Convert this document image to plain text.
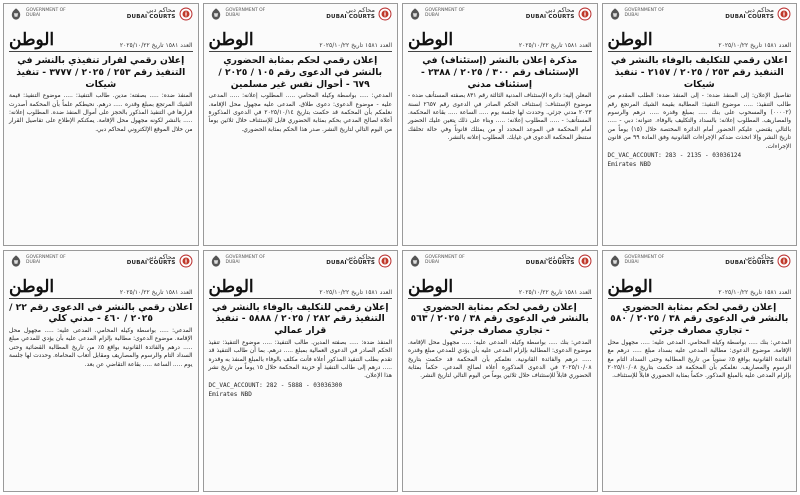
محاكم دبي
DUBAI COURTS
GOVERNMENT OF DUBAI
العدد ١٥٨١ تاريخ ٢٠٢٥/١٠/٢٢
الوطن
اعلان رقمي للتكليف بالوفاء بالنشر في التنفيذ رقم ٢٥٣ / ٢٠٢٥ / ٢١٥٧ - تنفيذ شيكات
تفاصيل الإعلان: إلى المنفذ ضده: - إلى المنفذ ضده: الطلب المقدم من طالب التنفيذ: ..... موضوع التنفيذ: المطالبة بقيمة الشيك المرتجع رقم (٠٠٠٠٢) والمسحوب على بنك ..... بمبلغ وقدره ..... درهم والرسوم والمصاريف. المطلوب إعلانه: بالسداد والتكليف بالوفاء. عنوانه: دبي - ..... بالتالي يقتضي عليكم الحضور أمام الدائرة المختصة خلال (١٥) يوماً من تاريخ النشر وإلا اتخذت ضدكم الإجراءات القانونية وفق المادة ٩٩ من قانون الإجراءات.
DC_VAC_ACCOUNT: 283 - 2135 - 03036124
Emirates NBD
محاكم دبي
DUBAI COURTS
GOVERNMENT OF DUBAI
العدد ١٥٨١ تاريخ ٢٠٢٥/١٠/٢٢
الوطن
مذكرة إعلان بالنشر (إستئناف) في الإستئناف رقم ٣٠٠ / ٢٠٢٥ / ٢٣٨٨ - إستئناف مدني
المعلن إليه: دائرة الإستئناف المدنية الثالثة رقم ٨٣١ بصفته المستأنف ضده - موضوع الإستئناف: إستئناف الحكم الصادر في الدعوى رقم ٢٦٥٧ لسنة ٢٠٢٣ مدني جزئي. وحددت لها جلسة يوم ..... الساعة ..... بقاعة المحكمة. المستأنف: - ..... المطلوب إعلانه: ..... وبناء على ذلك يتعين عليك الحضور أمام المحكمة في الموعد المحدد أو من يمثلك قانوناً وفي حالة تخلفك ستنظر المحكمة الدعوى في غيابك. المطلوب إعلانه بالنشر.
محاكم دبي
DUBAI COURTS
GOVERNMENT OF DUBAI
العدد ١٥٨١ تاريخ ٢٠٢٥/١٠/٢٢
الوطن
إعلان رقمي لحكم بمثابة الحضوري بالنشر في الدعوى رقم ١٠٥ / ٢٠٢٥ / ٦٧٩ - أحوال نفس غير مسلمين
المدعي: ..... بواسطة وكيله المحامي ..... المطلوب إعلانه: ..... المدعى عليه - موضوع الدعوى: دعوى طلاق. المدعى عليه مجهول محل الإقامة. نعلمكم بأن المحكمة قد حكمت بتاريخ ٢٠٢٥/١٠/١٤ في الدعوى المذكورة أعلاه لصالح المدعي بحكم بمثابة الحضوري قابل للإستئناف خلال ثلاثين يوماً من اليوم التالي لتاريخ النشر. صدر هذا الحكم بمثابة الحضوري.
محاكم دبي
DUBAI COURTS
GOVERNMENT OF DUBAI
العدد ١٥٨١ تاريخ ٢٠٢٥/١٠/٢٢
الوطن
إعلان رقمي لقرار تنفيذي بالنشر في التنفيذ رقم ٢٥٣ / ٢٠٢٥ / ٣٧٧٧ - تنفيذ شيكات
المنفذ ضده: ..... بصفته: مدين. طالب التنفيذ: ..... موضوع التنفيذ: قيمة الشيك المرتجع بمبلغ وقدره ..... درهم. نحيطكم علماً بأن المحكمة أصدرت قرارها في التنفيذ المذكور بالحجز على أموال المنفذ ضده. المطلوب إعلانه: ..... بالنشر لكونه مجهول محل الإقامة. يمكنكم الإطلاع على تفاصيل القرار من خلال الموقع الإلكتروني لمحاكم دبي.
محاكم دبي
DUBAI COURTS
GOVERNMENT OF DUBAI
العدد ١٥٨١ تاريخ ٢٠٢٥/١٠/٢٢
الوطن
إعلان رقمي لحكم بمثابة الحضوري بالنشر في الدعوى رقم ٣٨ / ٢٠٢٥ / ٥٨٠ - تجاري مصارف جزئي
المدعي: بنك ..... بواسطة وكيله المحامي. المدعى عليه: ..... مجهول محل الإقامة. موضوع الدعوى: مطالبة المدعى عليه بسداد مبلغ ..... درهم مع الفائدة القانونية بواقع ٥٪ سنوياً من تاريخ المطالبة وحتى السداد التام مع الرسوم والمصاريف. نعلمكم بأن المحكمة قد حكمت بتاريخ ٢٠٢٥/١٠/٠٨ بإلزام المدعى عليه بالمبلغ المذكور. حكماً بمثابة الحضوري قابلاً للإستئناف.
محاكم دبي
DUBAI COURTS
GOVERNMENT OF DUBAI
العدد ١٥٨١ تاريخ ٢٠٢٥/١٠/٢٢
الوطن
إعلان رقمي لحكم بمثابة الحضوري بالنشر في الدعوى رقم ٣٨ / ٢٠٢٥ / ٥٦٣ - تجاري مصارف جزئي
المدعي: بنك ..... بواسطة وكيله. المدعى عليه: ..... مجهول محل الإقامة. موضوع الدعوى: المطالبة بإلزام المدعى عليه بأن يؤدي للمدعي مبلغ وقدره ..... درهم والفائدة القانونية. نعلمكم بأن المحكمة قد حكمت بتاريخ ٢٠٢٥/١٠/٠٨ في الدعوى المذكورة أعلاه لصالح المدعي. حكماً بمثابة الحضوري قابلاً للإستئناف خلال ثلاثين يوماً من اليوم التالي لتاريخ النشر.
محاكم دبي
DUBAI COURTS
GOVERNMENT OF DUBAI
العدد ١٥٨١ تاريخ ٢٠٢٥/١٠/٢٢
الوطن
إعلان رقمي للتكليف بالوفاء بالنشر في التنفيذ رقم ٢٨٢ / ٢٠٢٥ / ٥٨٨٨ - تنفيذ قرار عمالي
المنفذ ضده: ..... بصفته المدين. طالب التنفيذ: ..... موضوع التنفيذ: تنفيذ الحكم الصادر في الدعوى العمالية بمبلغ ..... درهم. بما أن طالب التنفيذ قد تقدم بطلب التنفيذ المذكور أعلاه فأنت مكلف بالوفاء بالمبلغ المنفذ به وقدره ..... درهم إلى طالب التنفيذ أو خزينة المحكمة خلال ١٥ يوماً من تاريخ نشر هذا الإعلان.
DC_VAC_ACCOUNT: 282 - 5888 - 03036300
Emirates NBD
محاكم دبي
DUBAI COURTS
GOVERNMENT OF DUBAI
العدد ١٥٨١ تاريخ ٢٠٢٥/١٠/٢٢
الوطن
اعلان رقمي بالنشر في الدعوى رقم ٢٢ / ٢٠٢٥ / ٤٦٠ - مدني كلي
المدعي: ..... بواسطة وكيله المحامي. المدعى عليه: ..... مجهول محل الإقامة. موضوع الدعوى: مطالبة بإلزام المدعى عليه بأن يؤدي للمدعي مبلغ ..... درهم والفائدة القانونية بواقع ٥٪ من تاريخ المطالبة القضائية وحتى السداد التام والرسوم والمصاريف ومقابل أتعاب المحاماة. وحددت لها جلسة يوم ..... الساعة ..... بقاعة التقاضي عن بعد.
